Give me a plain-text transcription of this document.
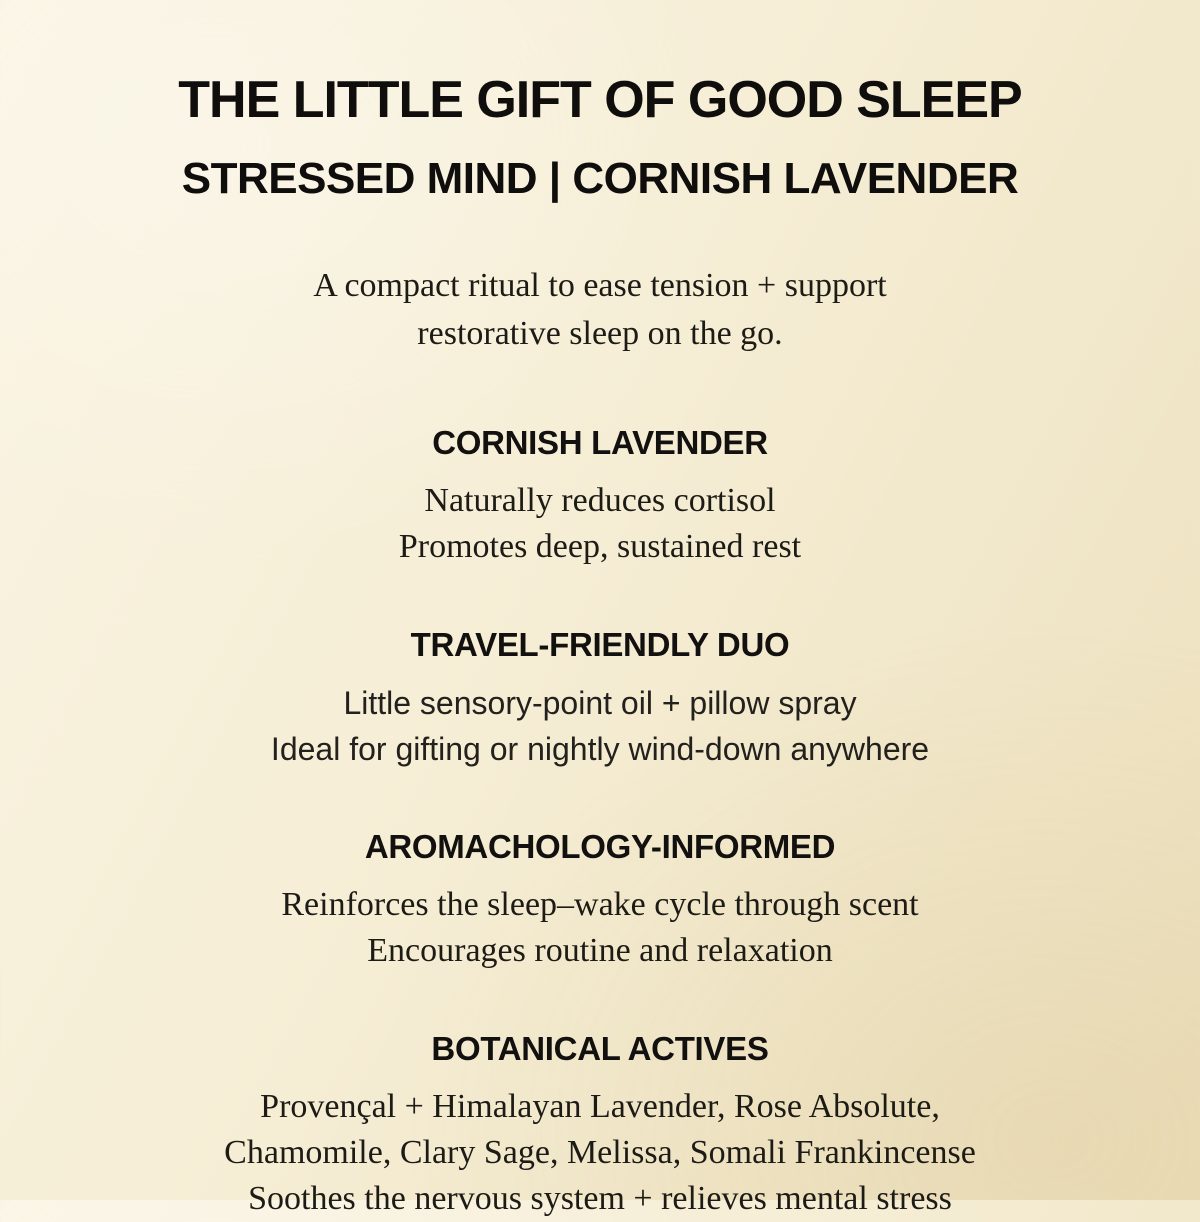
THE LITTLE GIFT OF GOOD SLEEP
STRESSED MIND | CORNISH LAVENDER

A compact ritual to ease tension + support
restorative sleep on the go.

CORNISH LAVENDER
Naturally reduces cortisol
Promotes deep, sustained rest
TRAVEL-FRIENDLY DUO
Little sensory-point oil + pillow spray
Ideal for gifting or nightly wind-down anywhere
AROMACHOLOGY-INFORMED
Reinforces the sleep–wake cycle through scent
Encourages routine and relaxation
BOTANICAL ACTIVES
Provençal + Himalayan Lavender, Rose Absolute,
Chamomile, Clary Sage, Melissa, Somali Frankincense
Soothes the nervous system + relieves mental stress
